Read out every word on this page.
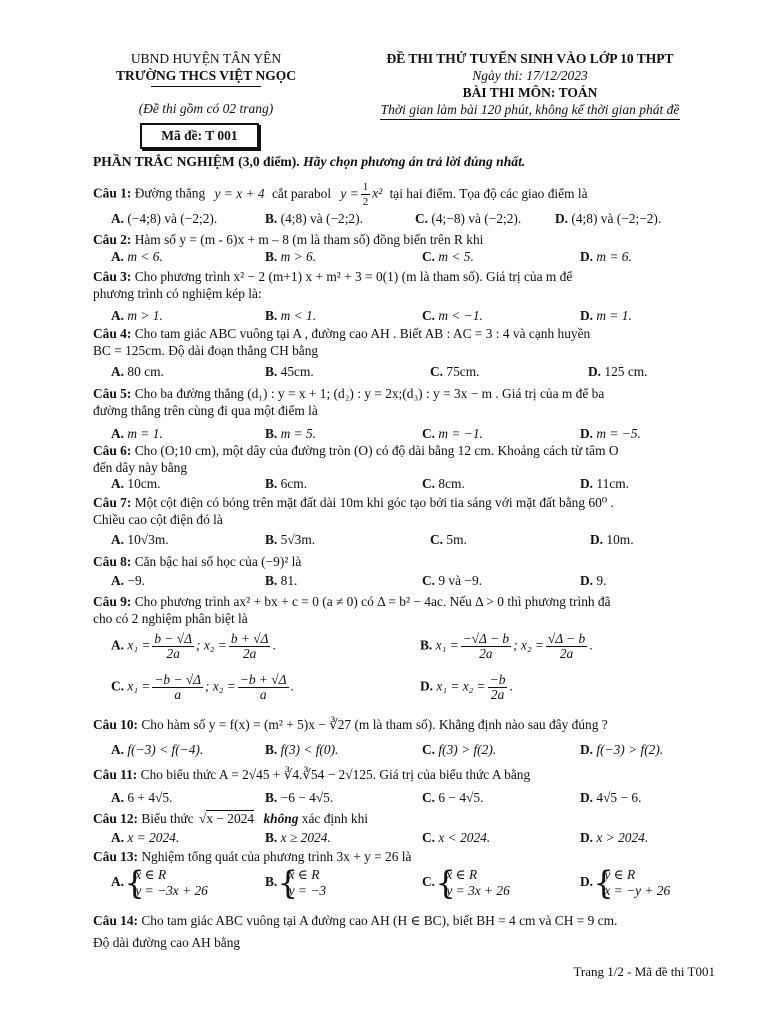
UBND HUYỆN TÂN YÊN
TRƯỜNG THCS VIỆT NGỌC
(Đề thi gồm có 02 trang)
Mã đề: T 001
ĐỀ THI THỬ TUYỂN SINH VÀO LỚP 10 THPT
Ngày thi: 17/12/2023
BÀI THI MÔN: TOÁN
Thời gian làm bài 120 phút, không kể thời gian phát đề
PHẦN TRẮC NGHIỆM (3,0 điểm). Hãy chọn phương án trả lời đúng nhất.
Câu 1: Đường thẳng y = x + 4 cắt parabol $y = \frac{1}{2} x^2$ tại hai điểm. Tọa độ các giao điểm là
A. (−4;8) và (−2;2).	B. (4;8) và (−2;2).	C. (4;−8) và (−2;2).	D. (4;8) và (−2;−2).
Câu 2: Hàm số y = (m - 6)x + m – 8 (m là tham số) đồng biến trên R khi
A. m < 6.	B. m > 6.	C. m < 5.	D. m = 6.
Câu 3: Cho phương trình x² − 2 (m+1) x + m² + 3 = 0(1) (m là tham số). Giá trị của m để
phương trình có nghiệm kép là:
A. m > 1.	B. m < 1.	C. m < −1.	D. m = 1.
Câu 4: Cho tam giác ABC vuông tại A , đường cao AH . Biết AB : AC = 3 : 4 và cạnh huyền
BC = 125cm. Độ dài đoạn thẳng CH bằng
A. 80 cm.	B. 45cm.	C. 75cm.	D. 125 cm.
Câu 5: Cho ba đường thẳng (d₁) : y = x + 1; (d₂) : y = 2x;(d₃) : y = 3x − m . Giá trị của m để ba
đường thẳng trên cùng đi qua một điểm là
A. m = 1.	B. m = 5.	C. m = −1.	D. m = −5.
Câu 6: Cho (O;10 cm), một dây của đường tròn (O) có độ dài bằng 12 cm. Khoảng cách từ tâm O
đến dây này bằng
A. 10cm.	B. 6cm.	C. 8cm.	D. 11cm.
Câu 7: Một cột điện có bóng trên mặt đất dài 10m khi góc tạo bởi tia sáng với mặt đất bằng 60⁰ .
Chiều cao cột điện đó là
A. 10√3m.	B. 5√3m.	C. 5m.	D. 10m.
Câu 8: Căn bậc hai số học của (−9)² là
A. −9.	B. 81.	C. 9 và −9.	D. 9.
Câu 9: Cho phương trình ax² + bx + c = 0 (a ≠ 0) có Δ = b² − 4ac. Nếu Δ > 0 thì phương trình đã
cho có 2 nghiệm phân biệt là
A. $x_1 = \frac{b - √\Delta}{2a}$ ; $x_2 = \frac{b + √\Delta}{2a}$ .	B. $x_1 = \frac{-√\Delta - b}{2a}$ ; $x_2 = \frac{√\Delta - b}{2a}$ .
C. $x_1 = \frac{-b - √\Delta}{a}$ ; $x_2 = \frac{-b + √\Delta}{a}$ .	D. $x_1 = x_2 = \frac{-b}{2a}$ .
Câu 10: Cho hàm số y = f(x) = (m² + 5)x − ∛27 (m là tham số). Khẳng định nào sau đây đúng ?
A. f(−3) < f(−4).	B. f(3) < f(0).	C. f(3) > f(2).	D. f(−3) > f(2).
Câu 11: Cho biểu thức A = 2√45 + ∛4.∛54 − 2√125. Giá trị của biểu thức A bằng
A. 6 + 4√5.	B. −6 − 4√5.	C. 6 − 4√5.	D. 4√5 − 6.
Câu 12: Biểu thức √x − 2024 không xác định khi
A. x = 2024.	B. x ≥ 2024.	C. x < 2024.	D. x > 2024.
Câu 13: Nghiệm tổng quát của phương trình 3x + y = 26 là
A. { x ∈ R
y = −3x + 26
B. { x ∈ R
y = −3
C. { x ∈ R
y = 3x + 26
D. { y ∈ R
x = −y + 26
Câu 14: Cho tam giác ABC vuông tại A đường cao AH (H ∈ BC), biết BH = 4 cm và CH = 9 cm.
Độ dài đường cao AH bằng
Trang 1/2 - Mã đề thi T001
